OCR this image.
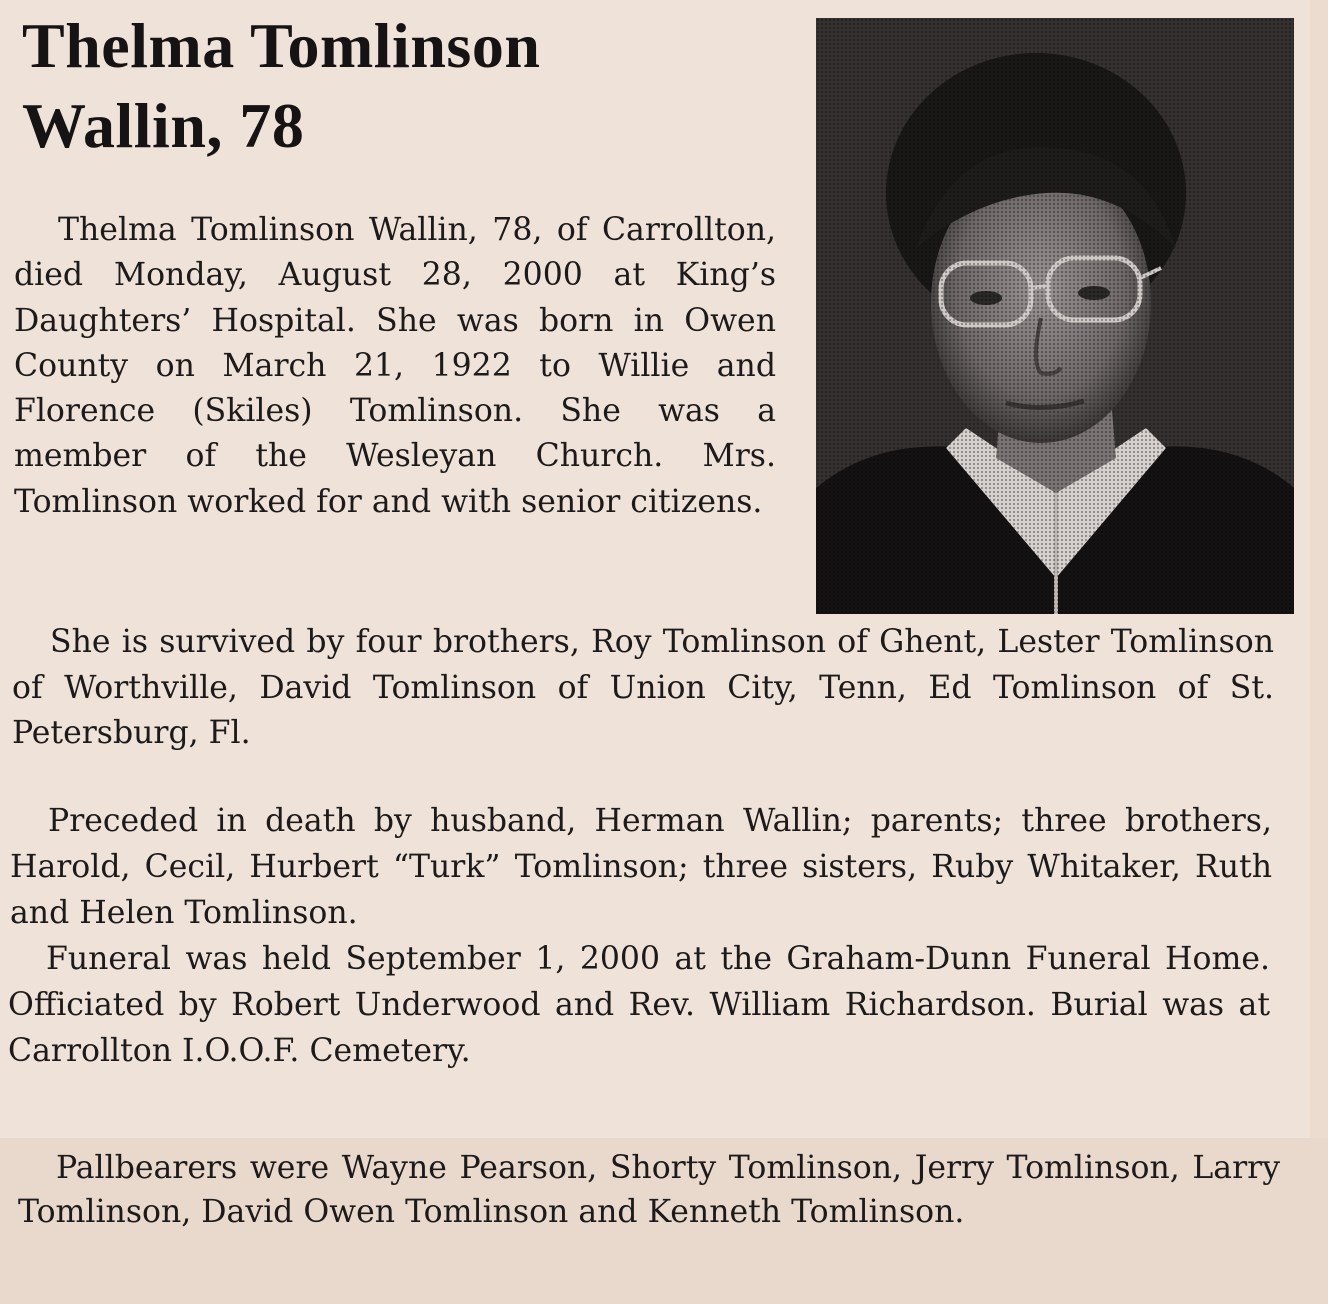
Thelma Tomlinson
Wallin, 78

Thelma Tomlinson Wallin, 78, of Carrollton, died Monday, August 28, 2000 at King’s Daughters’ Hospital. She was born in Owen County on March 21, 1922 to Willie and Florence (Skiles) Tomlinson. She was a member of the Wesleyan Church. Mrs. Tomlinson worked for and with senior citizens.

She is survived by four brothers, Roy Tomlinson of Ghent, Lester Tomlinson of Worthville, David Tomlinson of Union City, Tenn, Ed Tomlinson of St. Petersburg, Fl.

Preceded in death by husband, Herman Wallin; parents; three brothers, Harold, Cecil, Hurbert “Turk” Tomlinson; three sisters, Ruby Whitaker, Ruth and Helen Tomlinson.

Funeral was held September 1, 2000 at the Graham-Dunn Funeral Home. Officiated by Robert Underwood and Rev. William Richardson. Burial was at Carrollton I.O.O.F. Cemetery.

Pallbearers were Wayne Pearson, Shorty Tomlinson, Jerry Tomlinson, Larry Tomlinson, David Owen Tomlinson and Kenneth Tomlinson.
